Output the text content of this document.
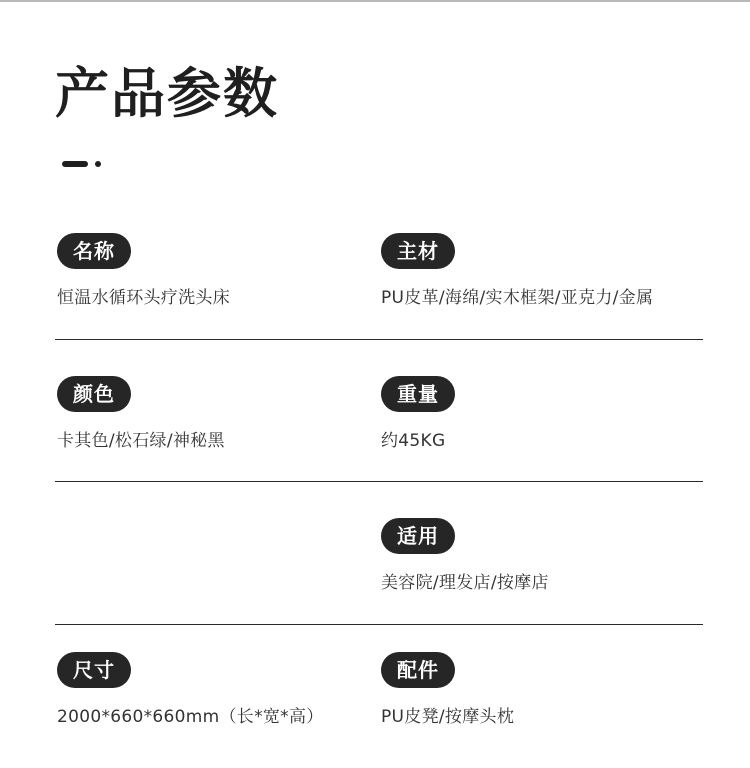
产品参数
名称
恒温水循环头疗洗头床
主材
PU皮革/海绵/实木框架/亚克力/金属
颜色
卡其色/松石绿/神秘黑
重量
约45KG
适用
美容院/理发店/按摩店
尺寸
2000*660*660mm（长*宽*高）
配件
PU皮凳/按摩头枕
